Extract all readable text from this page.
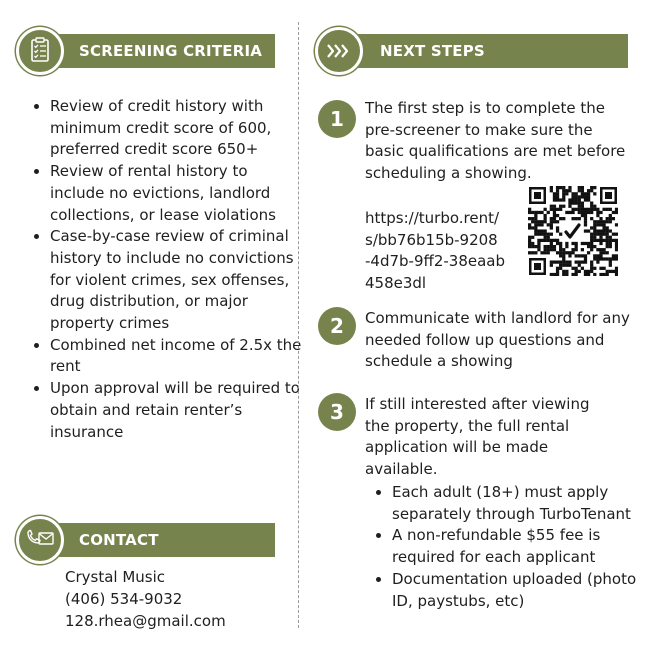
SCREENING CRITERIA
• Review of credit history with minimum credit score of 600, preferred credit score 650+
• Review of rental history to include no evictions, landlord collections, or lease violations
• Case-by-case review of criminal history to include no convictions for violent crimes, sex offenses, drug distribution, or major property crimes
• Combined net income of 2.5x the rent
• Upon approval will be required to obtain and retain renter’s insurance
CONTACT
Crystal Music
(406) 534-9032
128.rhea@gmail.com
NEXT STEPS
1	The first step is to complete the pre-screener to make sure the basic qualifications are met before scheduling a showing.
https://turbo.rent/
s/bb76b15b-9208
-4d7b-9ff2-38eaab
458e3dl
2	Communicate with landlord for any needed follow up questions and schedule a showing
3	If still interested after viewing the property, the full rental application will be made available.
• Each adult (18+) must apply separately through TurboTenant
• A non-refundable $55 fee is required for each applicant
• Documentation uploaded (photo ID, paystubs, etc)
